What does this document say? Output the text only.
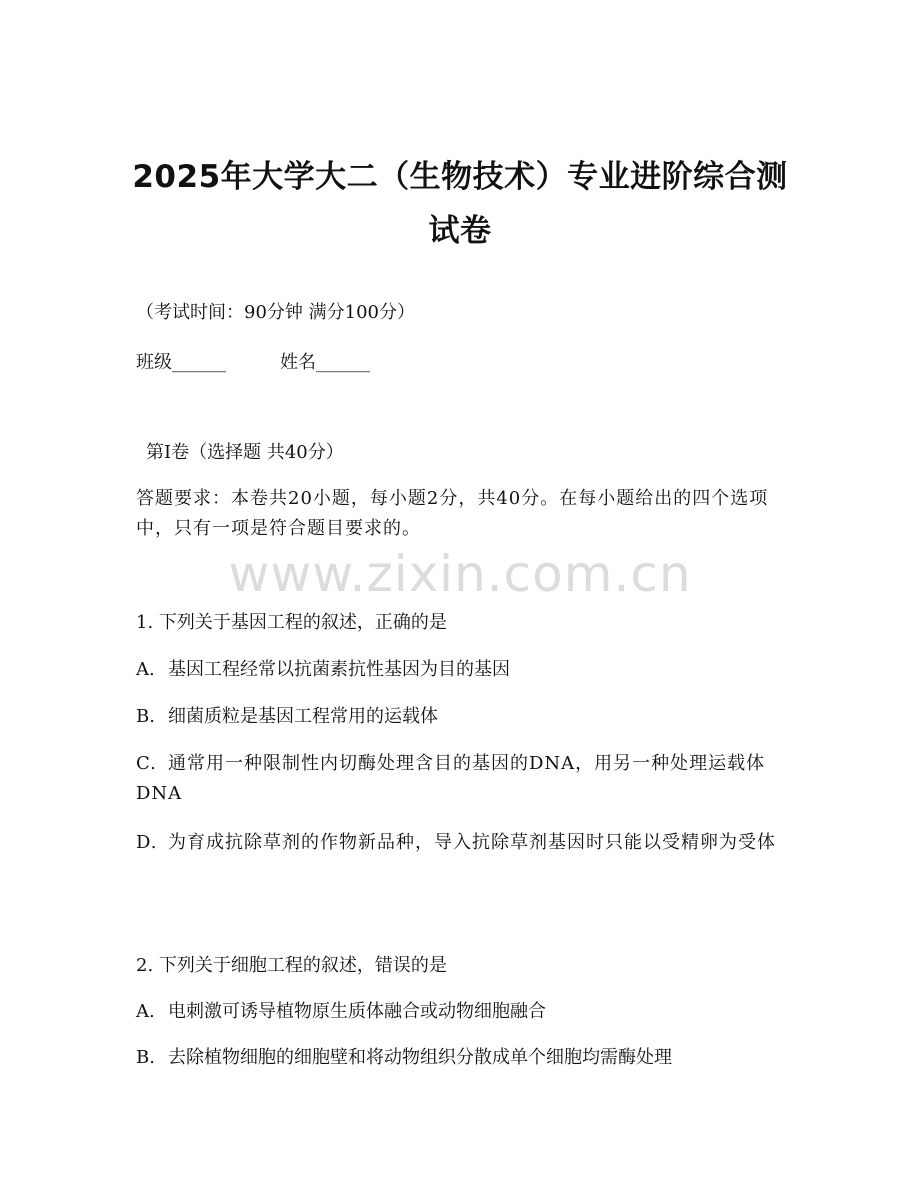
2025年大学大二（生物技术）专业进阶综合测试卷
（考试时间：90分钟 满分100分）
班级______	姓名______
第Ⅰ卷（选择题 共40分）
答题要求：本卷共20小题，每小题2分，共40分。在每小题给出的四个选项中，只有一项是符合题目要求的。
www.zixin.com.cn
1. 下列关于基因工程的叙述，正确的是
A. 基因工程经常以抗菌素抗性基因为目的基因
B. 细菌质粒是基因工程常用的运载体
C. 通常用一种限制性内切酶处理含目的基因的DNA，用另一种处理运载体DNA
D. 为育成抗除草剂的作物新品种，导入抗除草剂基因时只能以受精卵为受体
2. 下列关于细胞工程的叙述，错误的是
A. 电刺激可诱导植物原生质体融合或动物细胞融合
B. 去除植物细胞的细胞壁和将动物组织分散成单个细胞均需酶处理
